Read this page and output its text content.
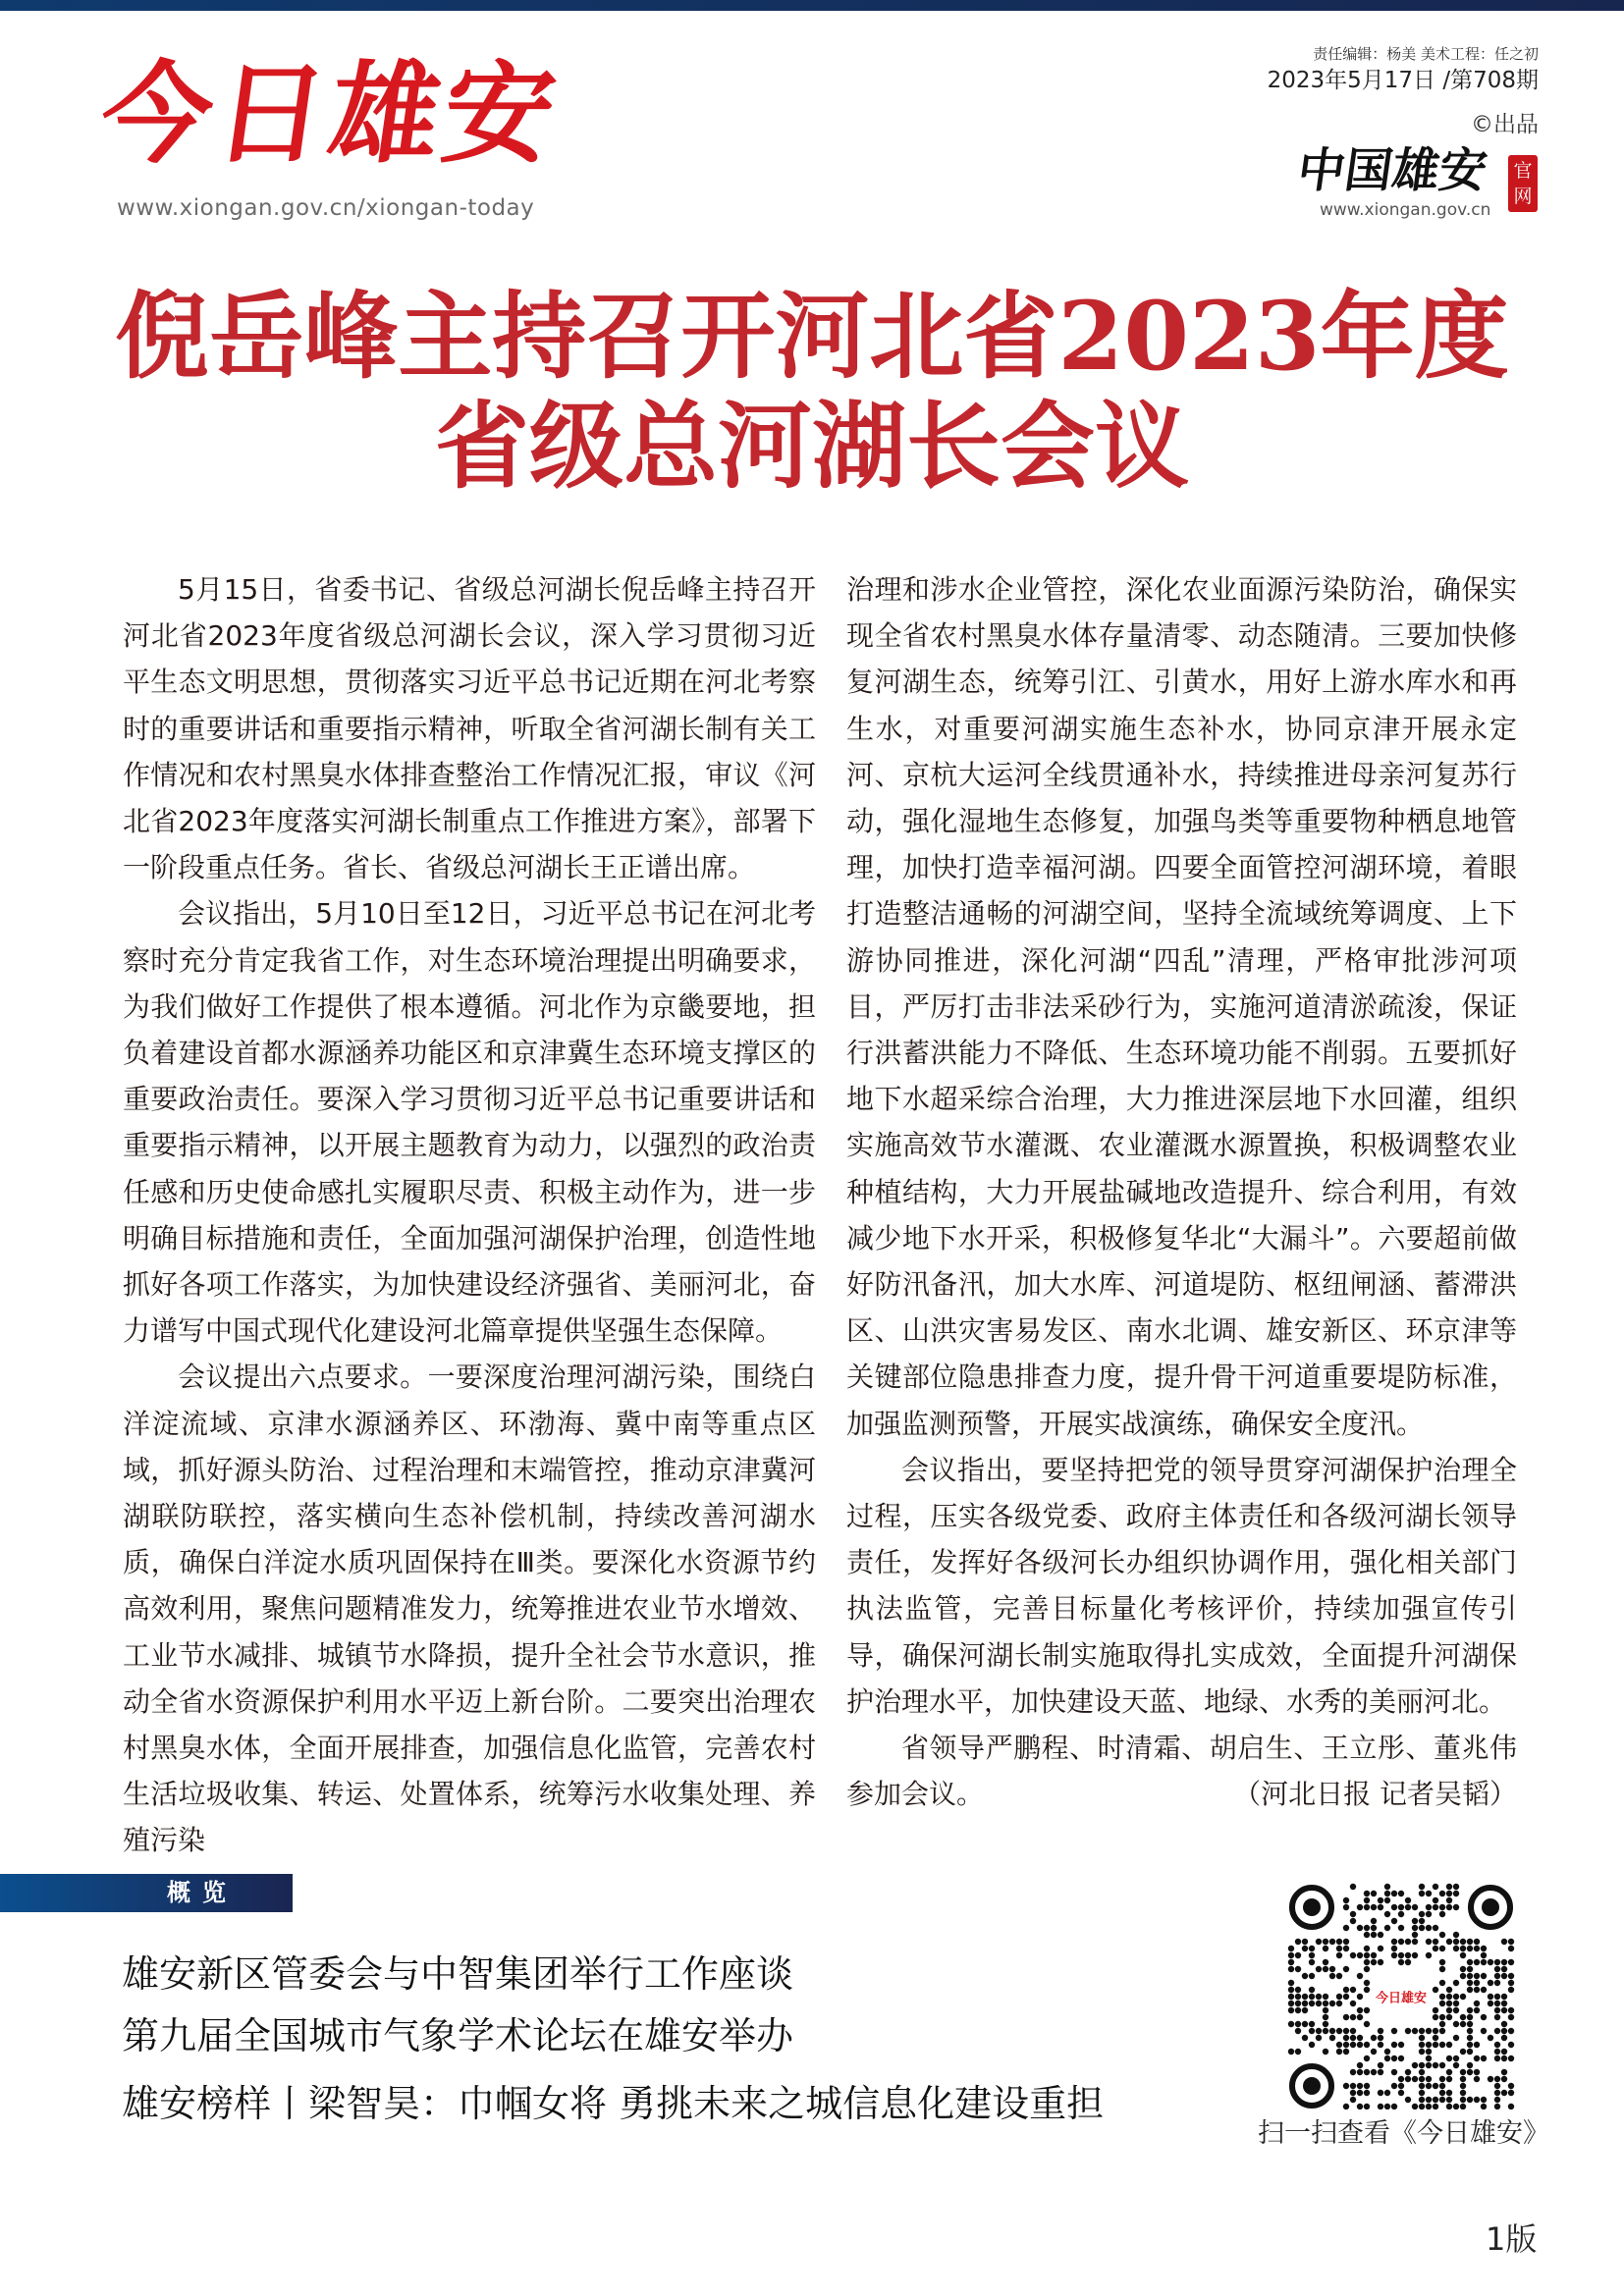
今日雄安
www.xiongan.gov.cn/xiongan-today
责任编辑：杨美 美术工程：任之初
2023年5月17日 /第708期
©出品
中国雄安
www.xiongan.gov.cn
官
网
倪岳峰主持召开河北省2023年度
省级总河湖长会议

5月15日，省委书记、省级总河湖长倪岳峰主持召开河北省2023年度省级总河湖长会议，深入学习贯彻习近平生态文明思想，贯彻落实习近平总书记近期在河北考察时的重要讲话和重要指示精神，听取全省河湖长制有关工作情况和农村黑臭水体排查整治工作情况汇报，审议《河北省2023年度落实河湖长制重点工作推进方案》，部署下一阶段重点任务。省长、省级总河湖长王正谱出席。

会议指出，5月10日至12日，习近平总书记在河北考察时充分肯定我省工作，对生态环境治理提出明确要求，为我们做好工作提供了根本遵循。河北作为京畿要地，担负着建设首都水源涵养功能区和京津冀生态环境支撑区的重要政治责任。要深入学习贯彻习近平总书记重要讲话和重要指示精神，以开展主题教育为动力，以强烈的政治责任感和历史使命感扎实履职尽责、积极主动作为，进一步明确目标措施和责任，全面加强河湖保护治理，创造性地抓好各项工作落实，为加快建设经济强省、美丽河北，奋力谱写中国式现代化建设河北篇章提供坚强生态保障。

会议提出六点要求。一要深度治理河湖污染，围绕白洋淀流域、京津水源涵养区、环渤海、冀中南等重点区域，抓好源头防治、过程治理和末端管控，推动京津冀河湖联防联控，落实横向生态补偿机制，持续改善河湖水质，确保白洋淀水质巩固保持在Ⅲ类。要深化水资源节约高效利用，聚焦问题精准发力，统筹推进农业节水增效、工业节水减排、城镇节水降损，提升全社会节水意识，推动全省水资源保护利用水平迈上新台阶。二要突出治理农村黑臭水体，全面开展排查，加强信息化监管，完善农村生活垃圾收集、转运、处置体系，统筹污水收集处理、养殖污染

治理和涉水企业管控，深化农业面源污染防治，确保实现全省农村黑臭水体存量清零、动态随清。三要加快修复河湖生态，统筹引江、引黄水，用好上游水库水和再生水，对重要河湖实施生态补水，协同京津开展永定河、京杭大运河全线贯通补水，持续推进母亲河复苏行动，强化湿地生态修复，加强鸟类等重要物种栖息地管理，加快打造幸福河湖。四要全面管控河湖环境，着眼打造整洁通畅的河湖空间，坚持全流域统筹调度、上下游协同推进，深化河湖“四乱”清理，严格审批涉河项目，严厉打击非法采砂行为，实施河道清淤疏浚，保证行洪蓄洪能力不降低、生态环境功能不削弱。五要抓好地下水超采综合治理，大力推进深层地下水回灌，组织实施高效节水灌溉、农业灌溉水源置换，积极调整农业种植结构，大力开展盐碱地改造提升、综合利用，有效减少地下水开采，积极修复华北“大漏斗”。六要超前做好防汛备汛，加大水库、河道堤防、枢纽闸涵、蓄滞洪区、山洪灾害易发区、南水北调、雄安新区、环京津等关键部位隐患排查力度，提升骨干河道重要堤防标准，加强监测预警，开展实战演练，确保安全度汛。

会议指出，要坚持把党的领导贯穿河湖保护治理全过程，压实各级党委、政府主体责任和各级河湖长领导责任，发挥好各级河长办组织协调作用，强化相关部门执法监管，完善目标量化考核评价，持续加强宣传引导，确保河湖长制实施取得扎实成效，全面提升河湖保护治理水平，加快建设天蓝、地绿、水秀的美丽河北。

省领导严鹏程、时清霜、胡启生、王立彤、董兆伟参加会议。	（河北日报 记者吴韬）

概览
雄安新区管委会与中智集团举行工作座谈
第九届全国城市气象学术论坛在雄安举办
雄安榜样丨梁智昊：巾帼女将 勇挑未来之城信息化建设重担
今日雄安
扫一扫查看《今日雄安》
1版
